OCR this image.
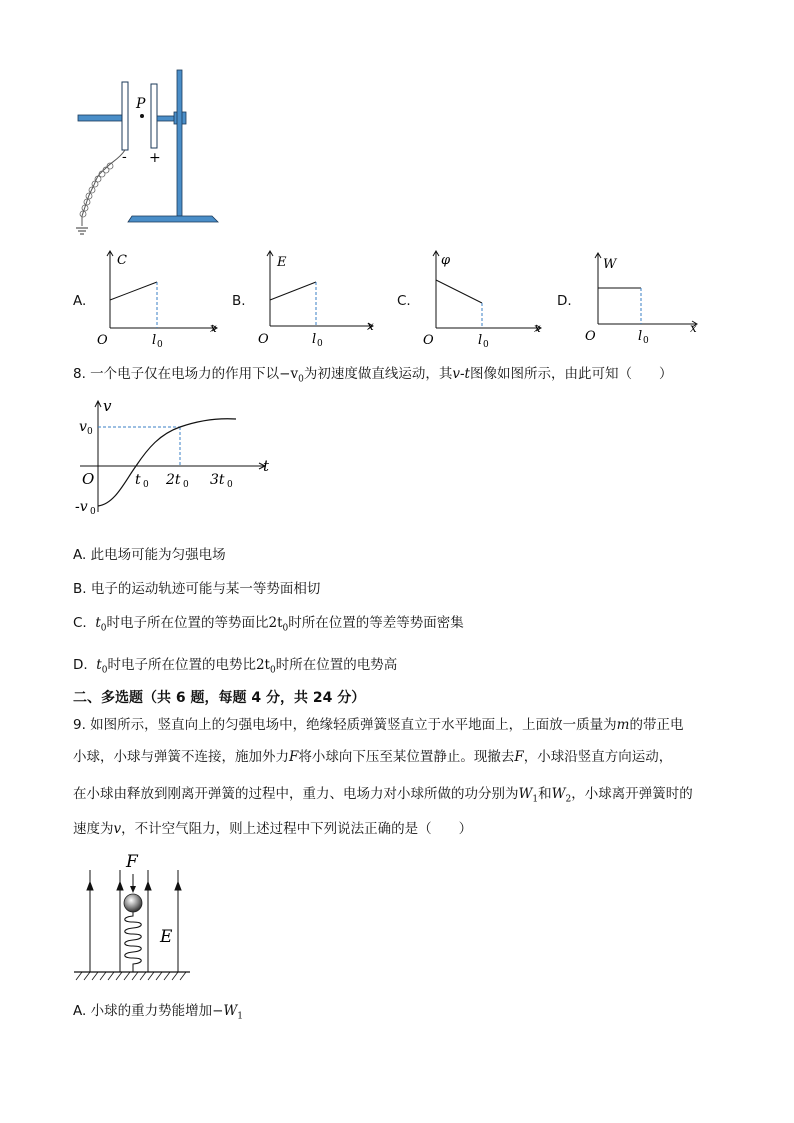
P
- +
A.
C
x
O	l 0
B.
E
x
O	l 0
C.
φ
x
O	l 0
D.
W
x
O	l 0
8. 一个电子仅在电场力的作用下以$-v_0$为初速度做直线运动，其v-t图像如图所示，由此可知（　　）
v
t
O
v 0
-v 0
t 0 2t 0 3t 0
A. 此电场可能为匀强电场
B. 电子的运动轨迹可能与某一等势面相切
C. $t_0$时电子所在位置的等势面比$2t_0$时所在位置的等差等势面密集
D. $t_0$时电子所在位置的电势比$2t_0$时所在位置的电势高
二、多选题（共 6 题，每题 4 分，共 24 分）
9. 如图所示，竖直向上的匀强电场中，绝缘轻质弹簧竖直立于水平地面上，上面放一质量为m的带正电
小球，小球与弹簧不连接，施加外力F将小球向下压至某位置静止。现撤去F，小球沿竖直方向运动，
在小球由释放到刚离开弹簧的过程中，重力、电场力对小球所做的功分别为$W_1$和$W_2$，小球离开弹簧时的
速度为v，不计空气阻力，则上述过程中下列说法正确的是（　　）
F
E
A. 小球的重力势能增加$-W_1$
